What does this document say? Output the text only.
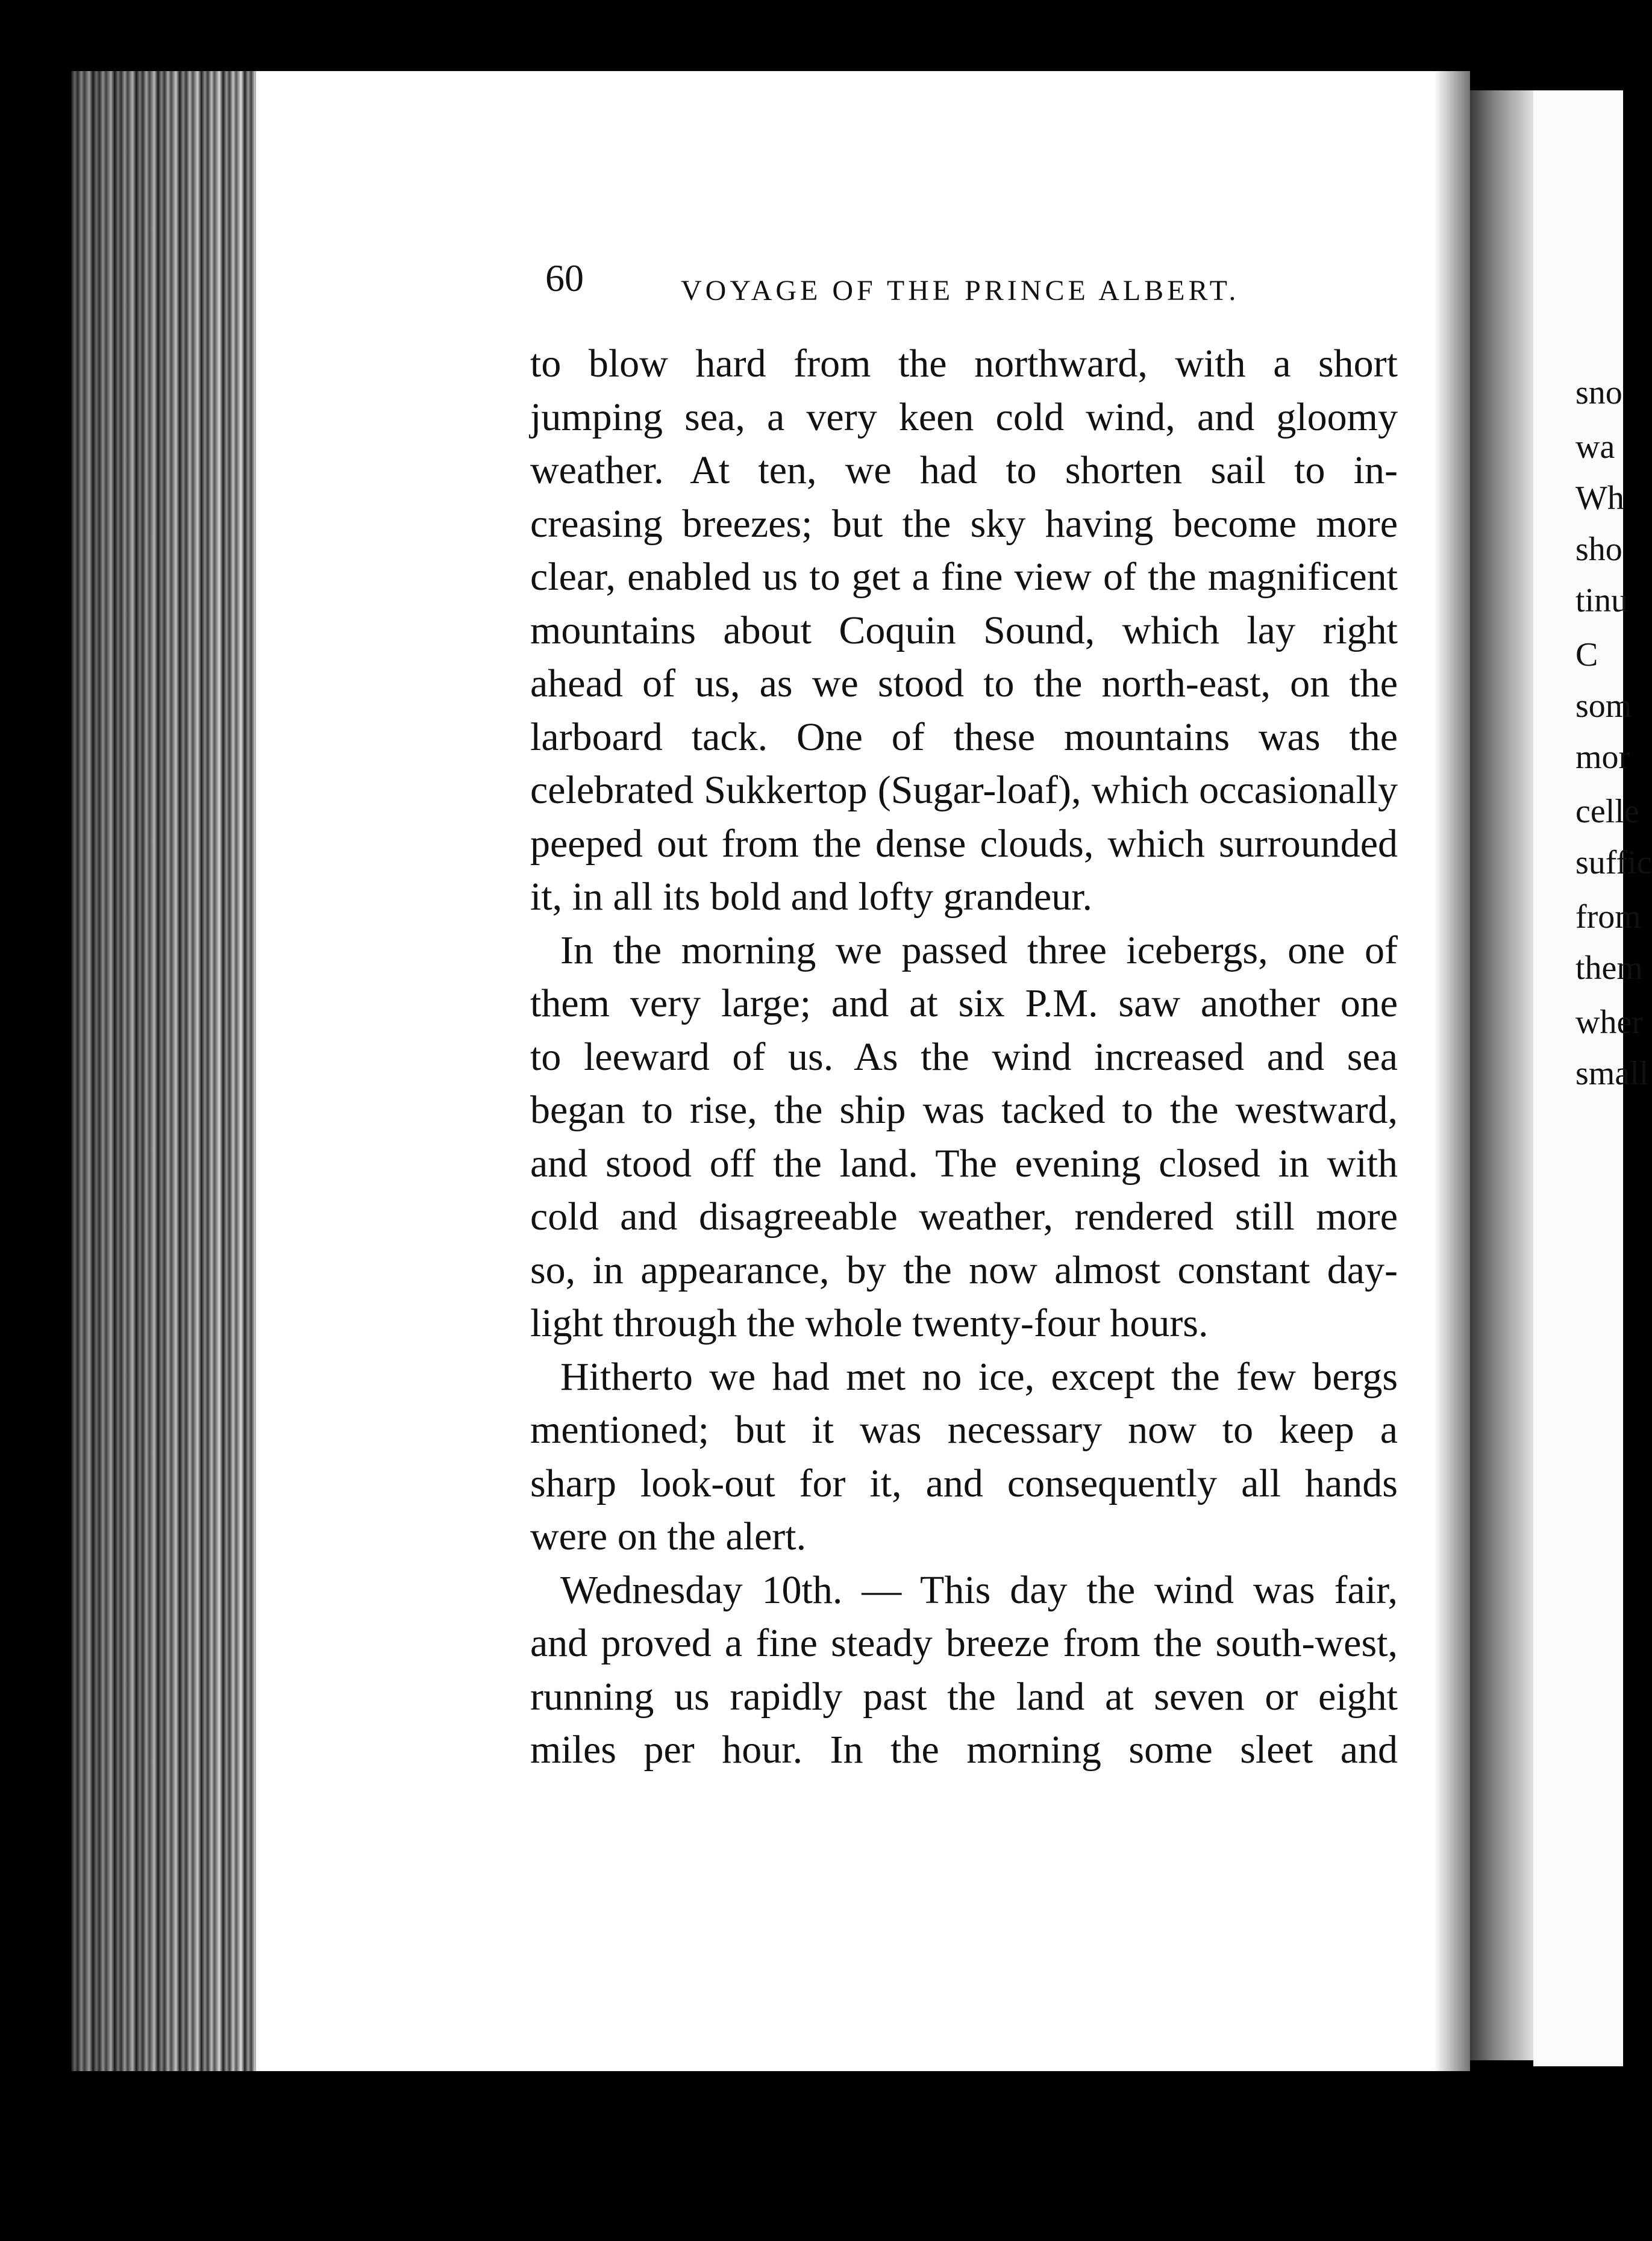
sno
wa
Wh
sho
tinu
C
som
mor
celle
suffic
from
them
wher
small
60	VOYAGE OF THE PRINCE ALBERT.
to blow hard from the northward, with a short
jumping sea, a very keen cold wind, and gloomy
weather. At ten, we had to shorten sail to in-
creasing breezes; but the sky having become more
clear, enabled us to get a fine view of the magnificent
mountains about Coquin Sound, which lay right
ahead of us, as we stood to the north-east, on the
larboard tack. One of these mountains was the
celebrated Sukkertop (Sugar-loaf), which occasionally
peeped out from the dense clouds, which surrounded
it, in all its bold and lofty grandeur.
In the morning we passed three icebergs, one of
them very large; and at six P.M. saw another one
to leeward of us. As the wind increased and sea
began to rise, the ship was tacked to the westward,
and stood off the land. The evening closed in with
cold and disagreeable weather, rendered still more
so, in appearance, by the now almost constant day-
light through the whole twenty-four hours.
Hitherto we had met no ice, except the few bergs
mentioned; but it was necessary now to keep a
sharp look-out for it, and consequently all hands
were on the alert.
Wednesday 10th. — This day the wind was fair,
and proved a fine steady breeze from the south-west,
running us rapidly past the land at seven or eight
miles per hour. In the morning some sleet and
